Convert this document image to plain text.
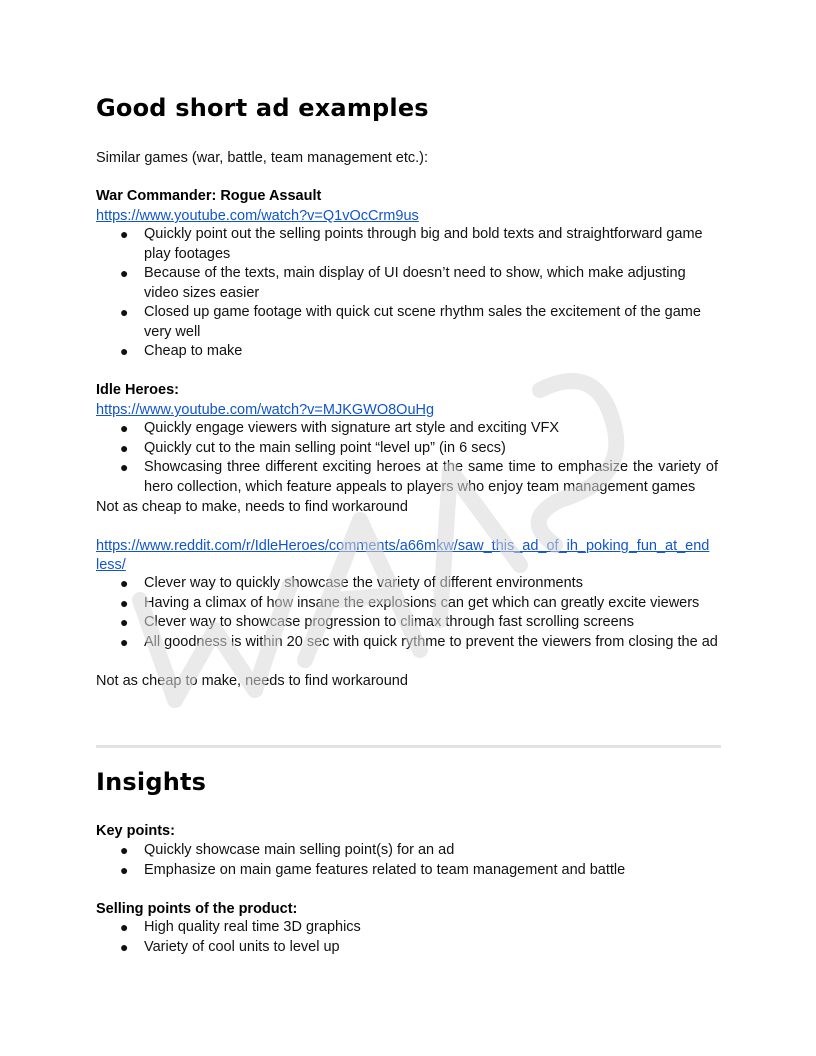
Good short ad examples
Similar games (war, battle, team management etc.):
War Commander: Rogue Assault
https://www.youtube.com/watch?v=Q1vOcCrm9us
● Quickly point out the selling points through big and bold texts and straightforward game play footages
● Because of the texts, main display of UI doesn’t need to show, which make adjusting video sizes easier
● Closed up game footage with quick cut scene rhythm sales the excitement of the game very well
● Cheap to make
Idle Heroes:
https://www.youtube.com/watch?v=MJKGWO8OuHg
● Quickly engage viewers with signature art style and exciting VFX
● Quickly cut to the main selling point “level up” (in 6 secs)
● Showcasing three different exciting heroes at the same time to emphasize the variety of hero collection, which feature appeals to players who enjoy team management games
Not as cheap to make, needs to find workaround
https://www.reddit.com/r/IdleHeroes/comments/a66mkw/saw_this_ad_of_ih_poking_fun_at_end
less/
● Clever way to quickly showcase the variety of different environments
● Having a climax of how insane the explosions can get which can greatly excite viewers
● Clever way to showcase progression to climax through fast scrolling screens
● All goodness is within 20 sec with quick rythme to prevent the viewers from closing the ad
Not as cheap to make, needs to find workaround
Insights
Key points:
● Quickly showcase main selling point(s) for an ad
● Emphasize on main game features related to team management and battle
Selling points of the product:
● High quality real time 3D graphics
● Variety of cool units to level up
